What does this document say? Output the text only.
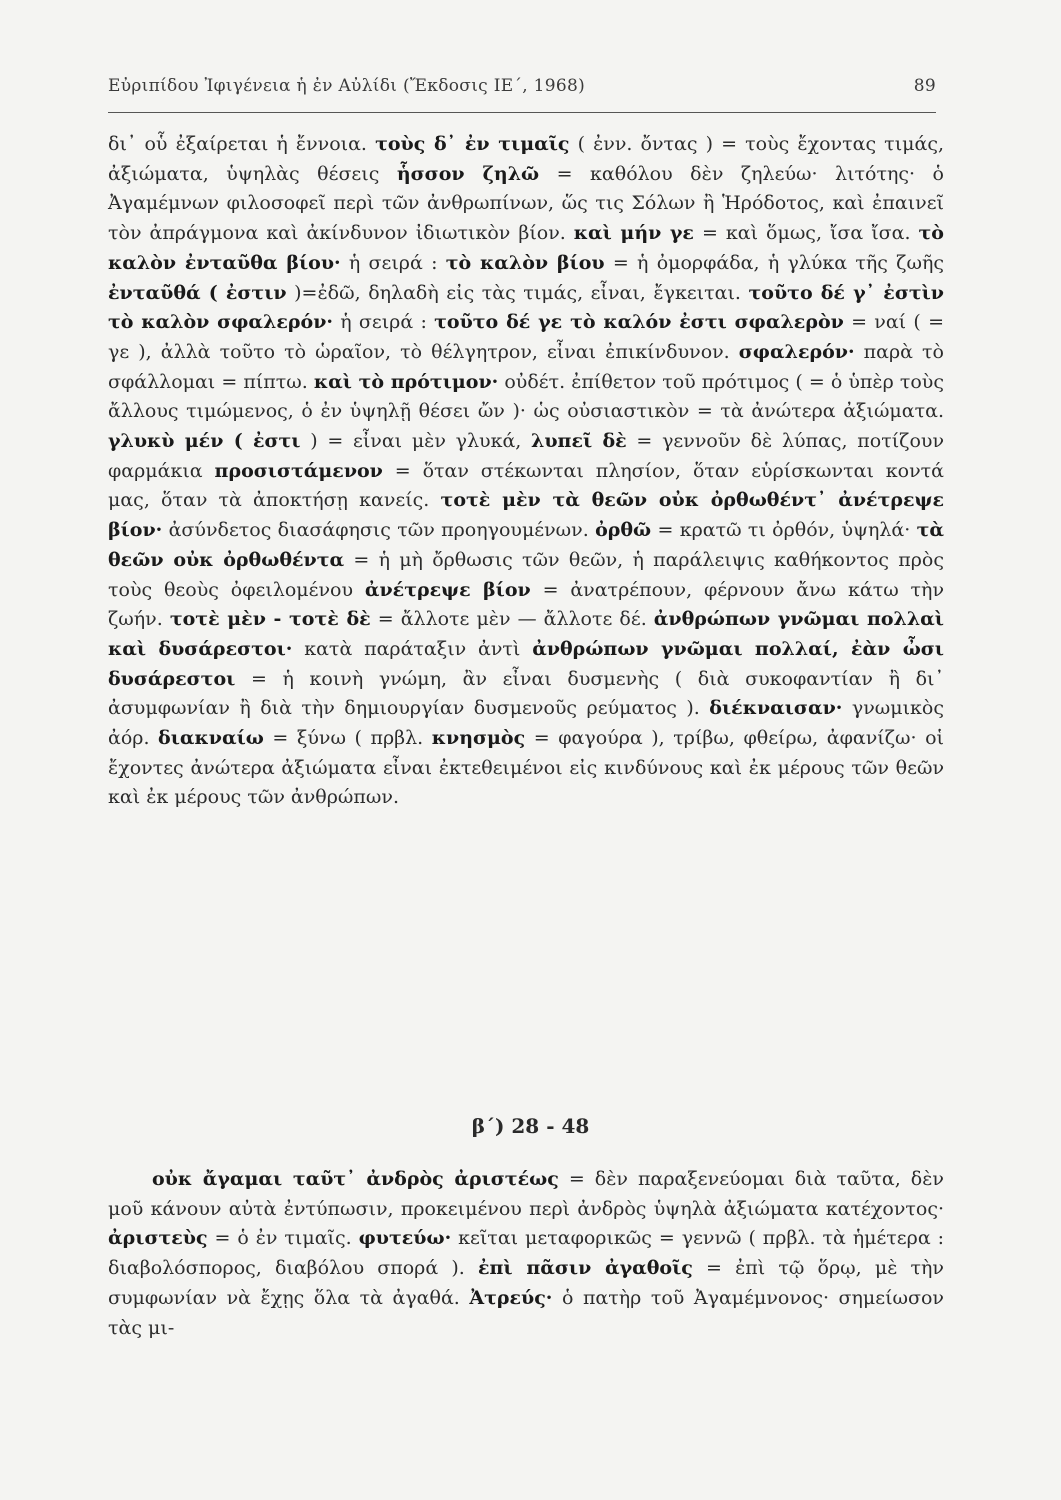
Εὐριπίδου Ἰφιγένεια ἡ ἐν Αὐλίδι (Ἔκδοσις ΙΕ΄, 1968)	89

δι᾽ οὗ ἐξαίρεται ἡ ἔννοια. τοὺς δ᾽ ἐν τιμαῖς ( ἐνν. ὄντας ) = τοὺς ἔχοντας τιμάς, ἀξιώματα, ὑψηλὰς θέσεις ἧσσον ζηλῶ = καθόλου δὲν ζηλεύω· λιτότης· ὁ Ἀγαμέμνων φιλοσοφεῖ περὶ τῶν ἀνθρωπίνων, ὥς τις Σόλων ἢ Ἡρόδοτος, καὶ ἐπαινεῖ τὸν ἀπράγμονα καὶ ἀκίνδυνον ἰδιωτικὸν βίον. καὶ μήν γε = καὶ ὅμως, ἴσα ἴσα. τὸ καλὸν ἐνταῦθα βίου· ἡ σειρά : τὸ καλὸν βίου = ἡ ὀμορφάδα, ἡ γλύκα τῆς ζωῆς ἐνταῦθά ( ἐστιν )=ἐδῶ, δηλαδὴ εἰς τὰς τιμάς, εἶναι, ἔγκειται. τοῦτο δέ γ᾽ ἐστὶν τὸ καλὸν σφαλερόν· ἡ σειρά : τοῦτο δέ γε τὸ καλόν ἐστι σφαλερὸν = ναί ( = γε ), ἀλλὰ τοῦτο τὸ ὡραῖον, τὸ θέλγητρον, εἶναι ἐπικίνδυνον. σφαλερόν· παρὰ τὸ σφάλλομαι = πίπτω. καὶ τὸ πρότιμον· οὐδέτ. ἐπίθετον τοῦ πρότιμος ( = ὁ ὑπὲρ τοὺς ἄλλους τιμώμενος, ὁ ἐν ὑψηλῇ θέσει ὤν )· ὡς οὐσιαστικὸν = τὰ ἀνώτερα ἀξιώματα. γλυκὺ μέν ( ἐστι ) = εἶναι μὲν γλυκά, λυπεῖ δὲ = γεννοῦν δὲ λύπας, ποτίζουν φαρμάκια προσιστάμενον = ὅταν στέκωνται πλησίον, ὅταν εὑρίσκωνται κοντά μας, ὅταν τὰ ἀποκτήσῃ κανείς. τοτὲ μὲν τὰ θεῶν οὐκ ὀρθωθέντ᾽ ἀνέτρεψε βίον· ἀσύνδετος διασάφησις τῶν προηγουμένων. ὀρθῶ = κρατῶ τι ὀρθόν, ὑψηλά· τὰ θεῶν οὐκ ὀρθωθέντα = ἡ μὴ ὄρθωσις τῶν θεῶν, ἡ παράλειψις καθήκοντος πρὸς τοὺς θεοὺς ὀφειλομένου ἀνέτρεψε βίον = ἀνατρέπουν, φέρνουν ἄνω κάτω τὴν ζωήν. τοτὲ μὲν - τοτὲ δὲ = ἄλλοτε μὲν — ἄλλοτε δέ. ἀνθρώπων γνῶμαι πολλαὶ καὶ δυσάρεστοι· κατὰ παράταξιν ἀντὶ ἀνθρώπων γνῶμαι πολλαί, ἐὰν ὦσι δυσάρεστοι = ἡ κοινὴ γνώμη, ἂν εἶναι δυσμενὴς ( διὰ συκοφαντίαν ἢ δι᾽ ἀσυμφωνίαν ἢ διὰ τὴν δημιουργίαν δυσμενοῦς ρεύματος ). διέκναισαν· γνωμικὸς ἀόρ. διακναίω = ξύνω ( πρβλ. κνησμὸς = φαγούρα ), τρίβω, φθείρω, ἀφανίζω· οἱ ἔχοντες ἀνώτερα ἀξιώματα εἶναι ἐκτεθειμένοι εἰς κινδύνους καὶ ἐκ μέρους τῶν θεῶν καὶ ἐκ μέρους τῶν ἀνθρώπων.

β΄) 28 - 48

οὐκ ἄγαμαι ταῦτ᾽ ἀνδρὸς ἀριστέως = δὲν παραξενεύομαι διὰ ταῦτα, δὲν μοῦ κάνουν αὐτὰ ἐντύπωσιν, προκειμένου περὶ ἀνδρὸς ὑψηλὰ ἀξιώματα κατέχοντος· ἀριστεὺς = ὁ ἐν τιμαῖς. φυτεύω· κεῖται μεταφορικῶς = γεννῶ ( πρβλ. τὰ ἡμέτερα : διαβολόσπορος, διαβόλου σπορά ). ἐπὶ πᾶσιν ἀγαθοῖς = ἐπὶ τῷ ὅρῳ, μὲ τὴν συμφωνίαν νὰ ἔχῃς ὅλα τὰ ἀγαθά. Ἀτρεύς· ὁ πατὴρ τοῦ Ἀγαμέμνονος· σημείωσον τὰς μι-
